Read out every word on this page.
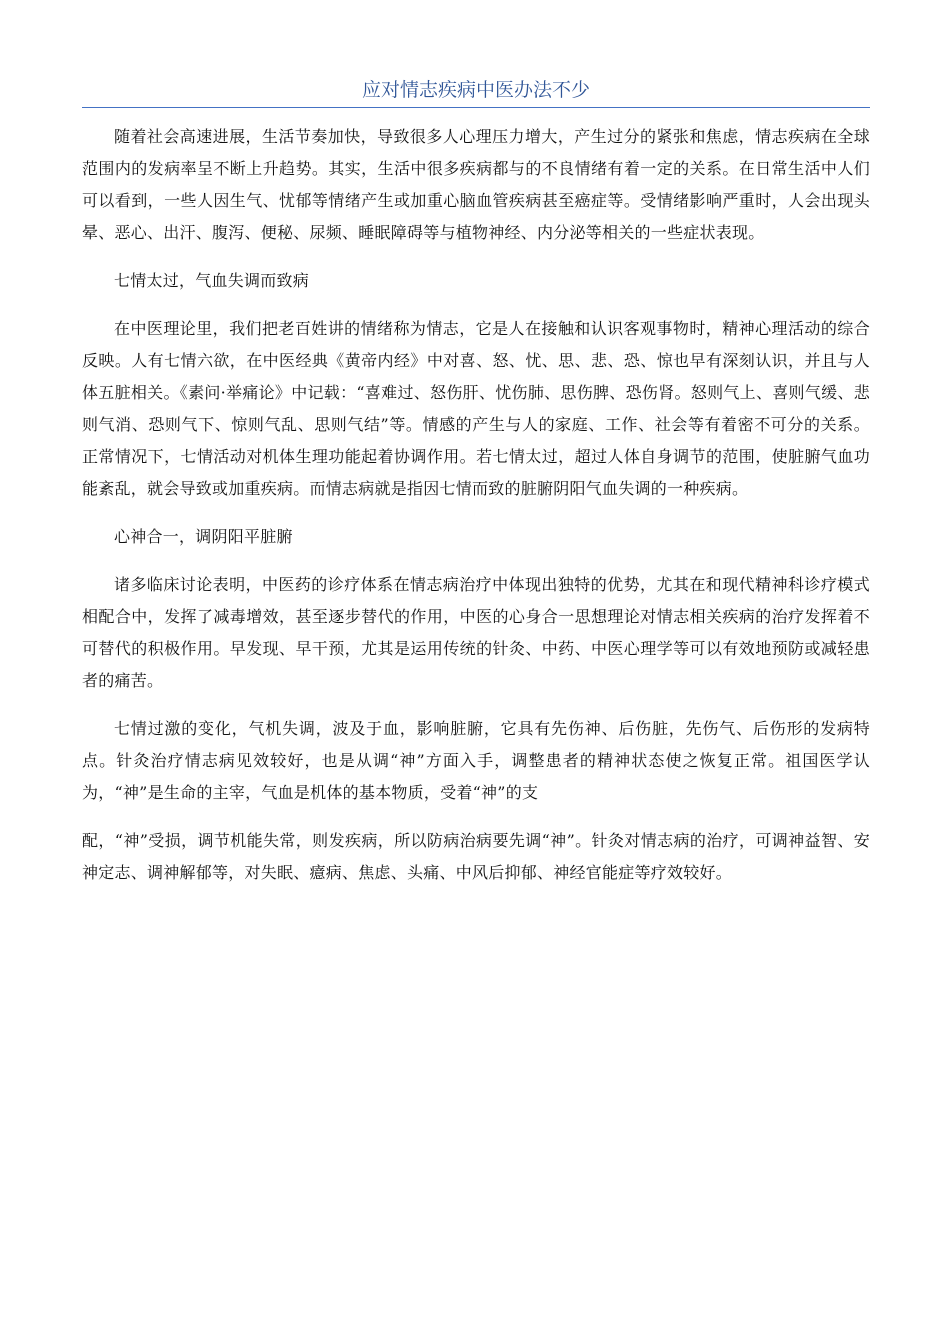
应对情志疾病中医办法不少

随着社会高速进展，生活节奏加快，导致很多人心理压力增大，产生过分的紧张和焦虑，情志疾病在全球范围内的发病率呈不断上升趋势。其实，生活中很多疾病都与的不良情绪有着一定的关系。在日常生活中人们可以看到，一些人因生气、忧郁等情绪产生或加重心脑血管疾病甚至癌症等。受情绪影响严重时，人会出现头晕、恶心、出汗、腹泻、便秘、尿频、睡眠障碍等与植物神经、内分泌等相关的一些症状表现。

七情太过，气血失调而致病

在中医理论里，我们把老百姓讲的情绪称为情志，它是人在接触和认识客观事物时，精神心理活动的综合反映。人有七情六欲，在中医经典《黄帝内经》中对喜、怒、忧、思、悲、恐、惊也早有深刻认识，并且与人体五脏相关。《素问·举痛论》中记载：“喜难过、怒伤肝、忧伤肺、思伤脾、恐伤肾。怒则气上、喜则气缓、悲则气消、恐则气下、惊则气乱、思则气结”等。情感的产生与人的家庭、工作、社会等有着密不可分的关系。正常情况下，七情活动对机体生理功能起着协调作用。若七情太过，超过人体自身调节的范围，使脏腑气血功能紊乱，就会导致或加重疾病。而情志病就是指因七情而致的脏腑阴阳气血失调的一种疾病。

心神合一，调阴阳平脏腑

诸多临床讨论表明，中医药的诊疗体系在情志病治疗中体现出独特的优势，尤其在和现代精神科诊疗模式相配合中，发挥了减毒增效，甚至逐步替代的作用，中医的心身合一思想理论对情志相关疾病的治疗发挥着不可替代的积极作用。早发现、早干预，尤其是运用传统的针灸、中药、中医心理学等可以有效地预防或减轻患者的痛苦。

七情过激的变化，气机失调，波及于血，影响脏腑，它具有先伤神、后伤脏，先伤气、后伤形的发病特点。针灸治疗情志病见效较好，也是从调“神”方面入手，调整患者的精神状态使之恢复正常。祖国医学认为，“神”是生命的主宰，气血是机体的基本物质，受着“神”的支

配，“神”受损，调节机能失常，则发疾病，所以防病治病要先调“神”。针灸对情志病的治疗，可调神益智、安神定志、调神解郁等，对失眠、癔病、焦虑、头痛、中风后抑郁、神经官能症等疗效较好。
